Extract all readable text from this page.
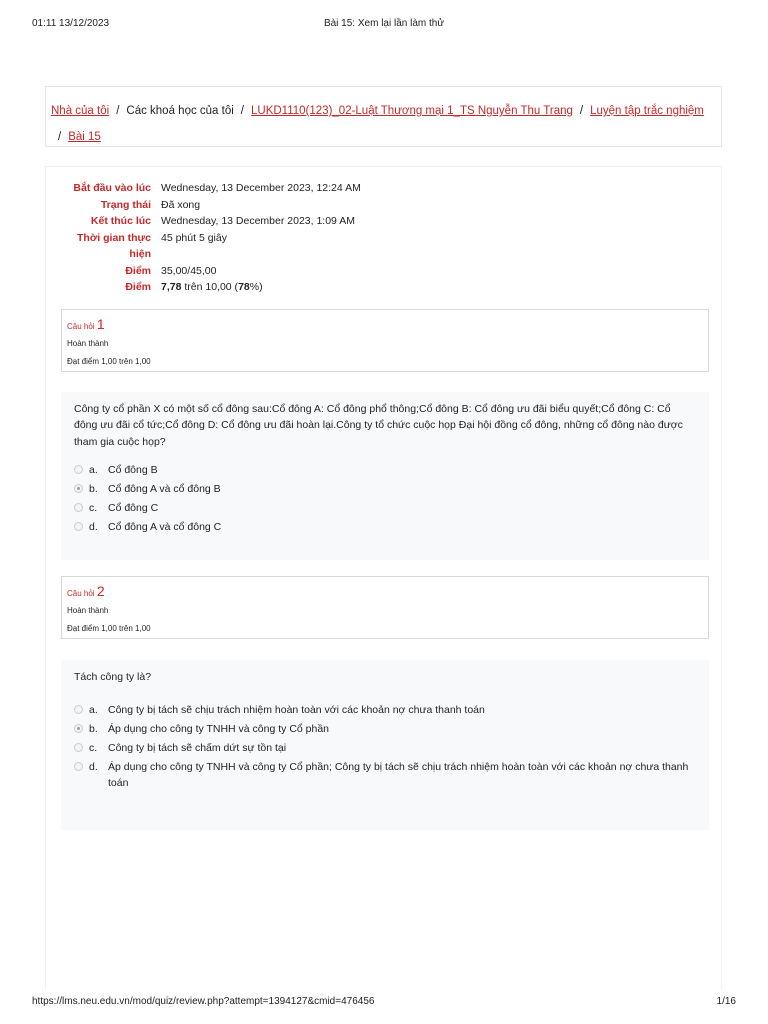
01:11 13/12/2023	Bài 15: Xem lại lần làm thử
Nhà của tôi / Các khoá học của tôi / LUKD1110(123)_02-Luật Thương mại 1_TS Nguyễn Thu Trang / Luyện tập trắc nghiệm
/ Bài 15
Bắt đầu vào lúc Wednesday, 13 December 2023, 12:24 AM
Trạng thái Đã xong
Kết thúc lúc Wednesday, 13 December 2023, 1:09 AM
Thời gian thực
hiện
45 phút 5 giây
Điểm 35,00/45,00
Điểm 7,78 trên 10,00 (78%)
Câu hỏi 1
Hoàn thành
Đạt điểm 1,00 trên 1,00
Công ty cổ phần X có một số cổ đông sau:Cổ đông A: Cổ đông phổ thông;Cổ đông B: Cổ đông ưu đãi biểu quyết;Cổ đông C: Cổ đông ưu đãi cổ tức;Cổ đông D: Cổ đông ưu đãi hoàn lại.Công ty tổ chức cuộc họp Đại hội đồng cổ đông, những cổ đông nào được tham gia cuộc họp?
a. Cổ đông B
b. Cổ đông A và cổ đông B
c.	Cổ đông C
d. Cổ đông A và cổ đông C
Câu hỏi 2
Hoàn thành
Đạt điểm 1,00 trên 1,00
Tách công ty là?
a. Công ty bị tách sẽ chịu trách nhiệm hoàn toàn với các khoản nợ chưa thanh toán
b. Áp dụng cho công ty TNHH và công ty Cổ phần
c.	Công ty bị tách sẽ chấm dứt sự tồn tại
d. Áp dụng cho công ty TNHH và công ty Cổ phần; Công ty bị tách sẽ chịu trách nhiệm hoàn toàn với các khoản nợ chưa thanh toán
https://lms.neu.edu.vn/mod/quiz/review.php?attempt=1394127&cmid=476456	1/16
